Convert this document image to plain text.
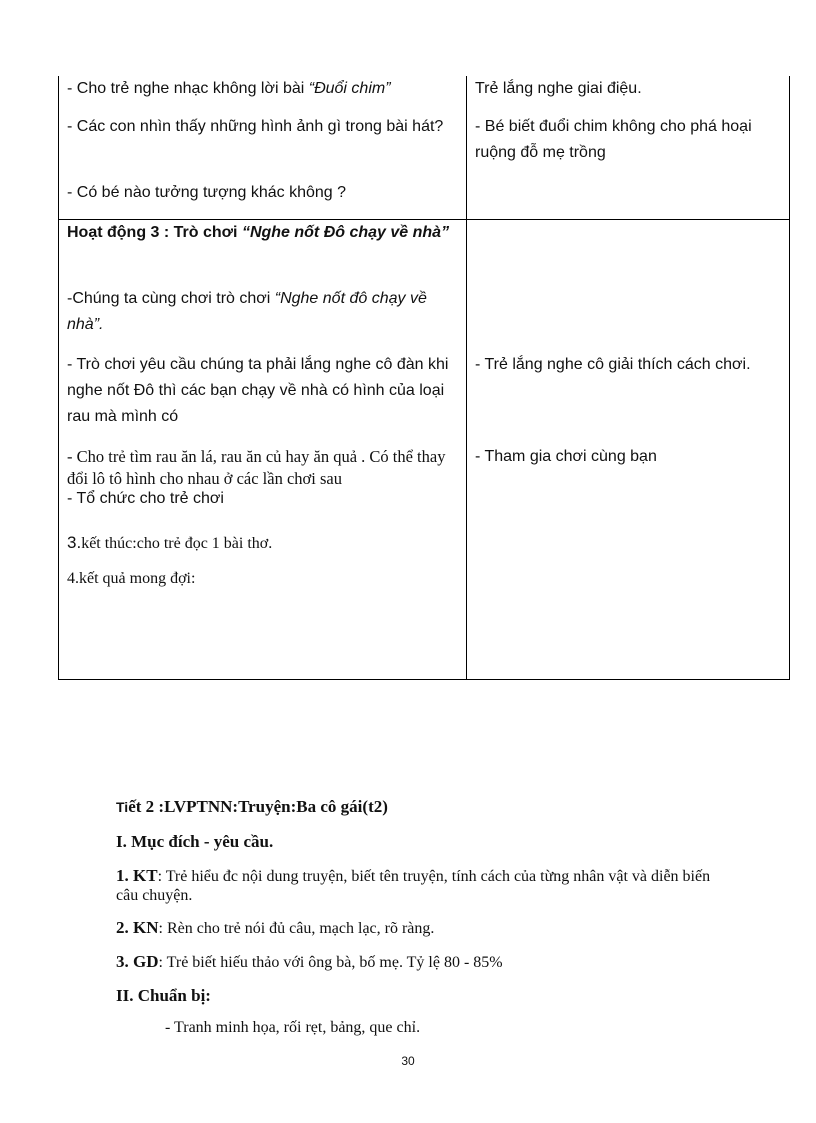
- Cho trẻ nghe nhạc không lời bài “Đuổi chim”
- Các con nhìn thấy những hình ảnh gì trong bài hát?
- Có bé nào tưởng tượng khác không ?
Trẻ lắng nghe giai điệu.
- Bé biết đuổi chim không cho phá hoại ruộng đỗ mẹ trồng
Hoạt động 3 : Trò chơi “Nghe nốt Đô chạy về nhà”
-Chúng ta cùng chơi trò chơi “Nghe nốt đô chạy về nhà”.
- Trò chơi yêu cầu chúng ta phải lắng nghe cô đàn khi nghe nốt Đô thì các bạn chạy về nhà có hình của loại rau mà mình có
- Cho trẻ tìm rau ăn lá, rau ăn củ hay ăn quả . Có thể thay đổi lô tô hình cho nhau ở các lần chơi sau
- Tổ chức cho trẻ chơi
3.kết thúc:cho trẻ đọc 1 bài thơ.
4.kết quả mong đợi:
- Trẻ lắng nghe cô giải thích cách chơi.
- Tham gia chơi cùng bạn
Tiết 2 :LVPTNN:Truyện:Ba cô gái(t2)
I. Mục đích - yêu cầu.
1. KT: Trẻ hiểu đc nội dung truyện, biết tên truyện, tính cách của từng nhân vật và diễn biến câu chuyện.
2. KN: Rèn cho trẻ nói đủ câu, mạch lạc, rõ ràng.
3. GD: Trẻ biết hiếu thảo với ông bà, bố mẹ. Tỷ lệ 80 - 85%
II. Chuẩn bị:
- Tranh minh họa, rối rẹt, bảng, que chỉ.
30
